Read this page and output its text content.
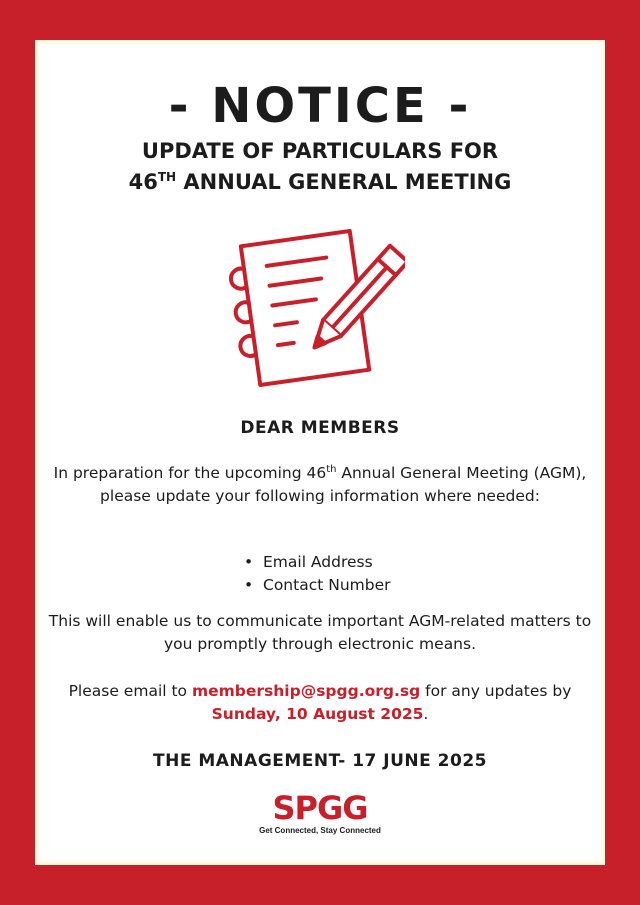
- NOTICE -
UPDATE OF PARTICULARS FOR
46TH ANNUAL GENERAL MEETING
DEAR MEMBERS
In preparation for the upcoming 46th Annual General Meeting (AGM), please update your following information where needed:
• Email Address
• Contact Number
This will enable us to communicate important AGM-related matters to you promptly through electronic means.
Please email to membership@spgg.org.sg for any updates by Sunday, 10 August 2025.
THE MANAGEMENT- 17 JUNE 2025
SPGG
Get Connected, Stay Connected
